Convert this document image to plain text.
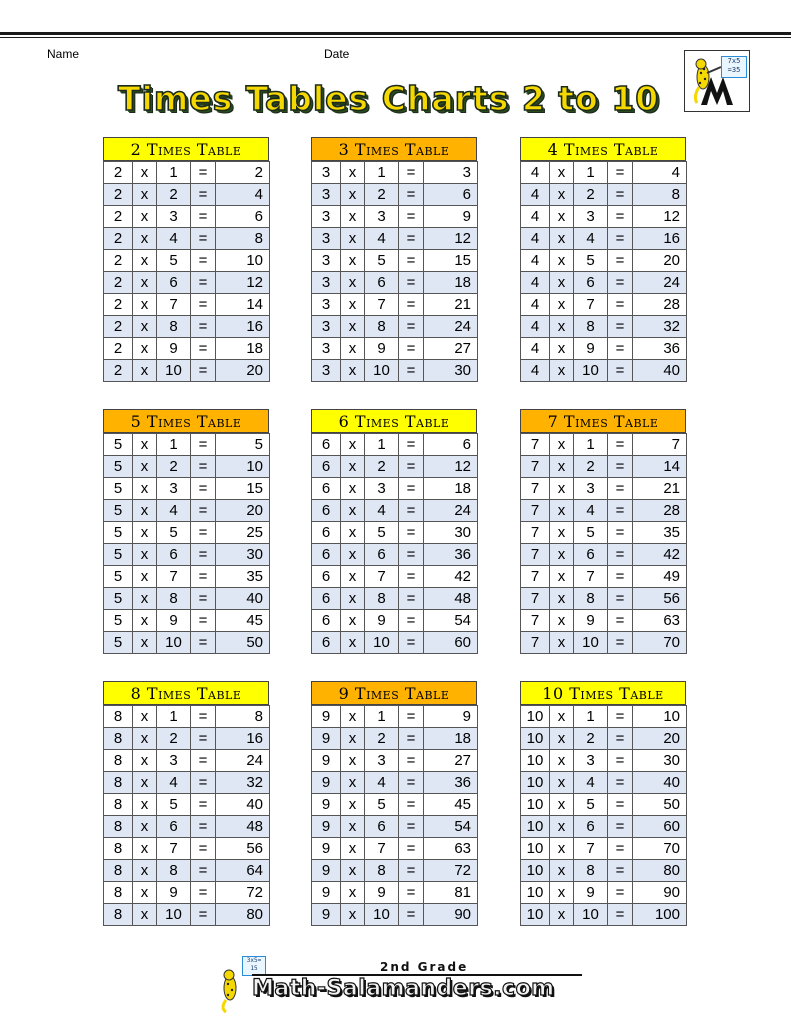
Name	Date
Times Tables Charts 2 to 10
7x5
=35
2 Times Table
2	x	1	=	2
2	x	2	=	4
2	x	3	=	6
2	x	4	=	8
2	x	5	=	10
2	x	6	=	12
2	x	7	=	14
2	x	8	=	16
2	x	9	=	18
2	x	10	=	20
3 Times Table
3	x	1	=	3
3	x	2	=	6
3	x	3	=	9
3	x	4	=	12
3	x	5	=	15
3	x	6	=	18
3	x	7	=	21
3	x	8	=	24
3	x	9	=	27
3	x	10	=	30
4 Times Table
4	x	1	=	4
4	x	2	=	8
4	x	3	=	12
4	x	4	=	16
4	x	5	=	20
4	x	6	=	24
4	x	7	=	28
4	x	8	=	32
4	x	9	=	36
4	x	10	=	40
5 Times Table
5	x	1	=	5
5	x	2	=	10
5	x	3	=	15
5	x	4	=	20
5	x	5	=	25
5	x	6	=	30
5	x	7	=	35
5	x	8	=	40
5	x	9	=	45
5	x	10	=	50
6 Times Table
6	x	1	=	6
6	x	2	=	12
6	x	3	=	18
6	x	4	=	24
6	x	5	=	30
6	x	6	=	36
6	x	7	=	42
6	x	8	=	48
6	x	9	=	54
6	x	10	=	60
7 Times Table
7	x	1	=	7
7	x	2	=	14
7	x	3	=	21
7	x	4	=	28
7	x	5	=	35
7	x	6	=	42
7	x	7	=	49
7	x	8	=	56
7	x	9	=	63
7	x	10	=	70
8 Times Table
8	x	1	=	8
8	x	2	=	16
8	x	3	=	24
8	x	4	=	32
8	x	5	=	40
8	x	6	=	48
8	x	7	=	56
8	x	8	=	64
8	x	9	=	72
8	x	10	=	80
9 Times Table
9	x	1	=	9
9	x	2	=	18
9	x	3	=	27
9	x	4	=	36
9	x	5	=	45
9	x	6	=	54
9	x	7	=	63
9	x	8	=	72
9	x	9	=	81
9	x	10	=	90
10 Times Table
10	x	1	=	10
10	x	2	=	20
10	x	3	=	30
10	x	4	=	40
10	x	5	=	50
10	x	6	=	60
10	x	7	=	70
10	x	8	=	80
10	x	9	=	90
10	x	10	=	100
3x5=
15	2nd Grade
Math-Salamanders.com
